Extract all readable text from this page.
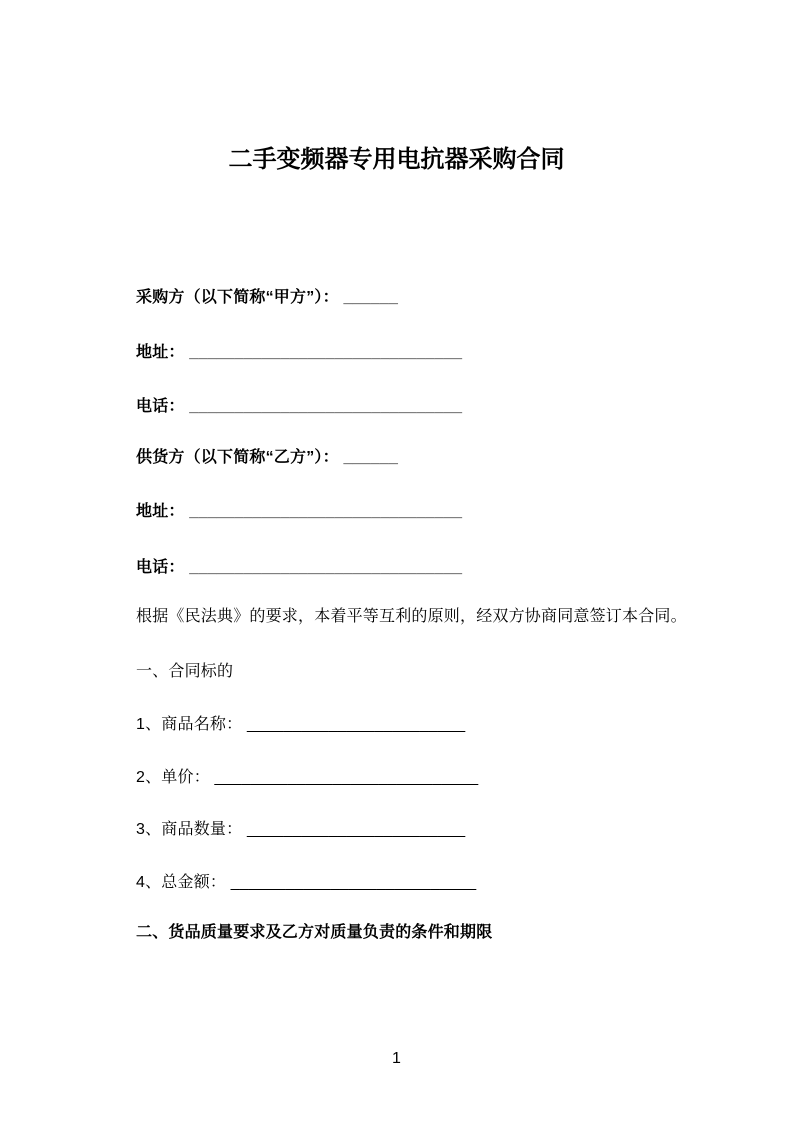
二手变频器专用电抗器采购合同
采购方（以下简称“甲方”）： ______
地址： ______________________________
电话： ______________________________
供货方（以下简称“乙方”）： ______
地址： ______________________________
电话： ______________________________
根据《民法典》的要求，本着平等互利的原则，经双方协商同意签订本合同。
一、合同标的
1、商品名称： ________________________
2、单价： _____________________________
3、商品数量： ________________________
4、总金额： ___________________________
二、货品质量要求及乙方对质量负责的条件和期限
1
